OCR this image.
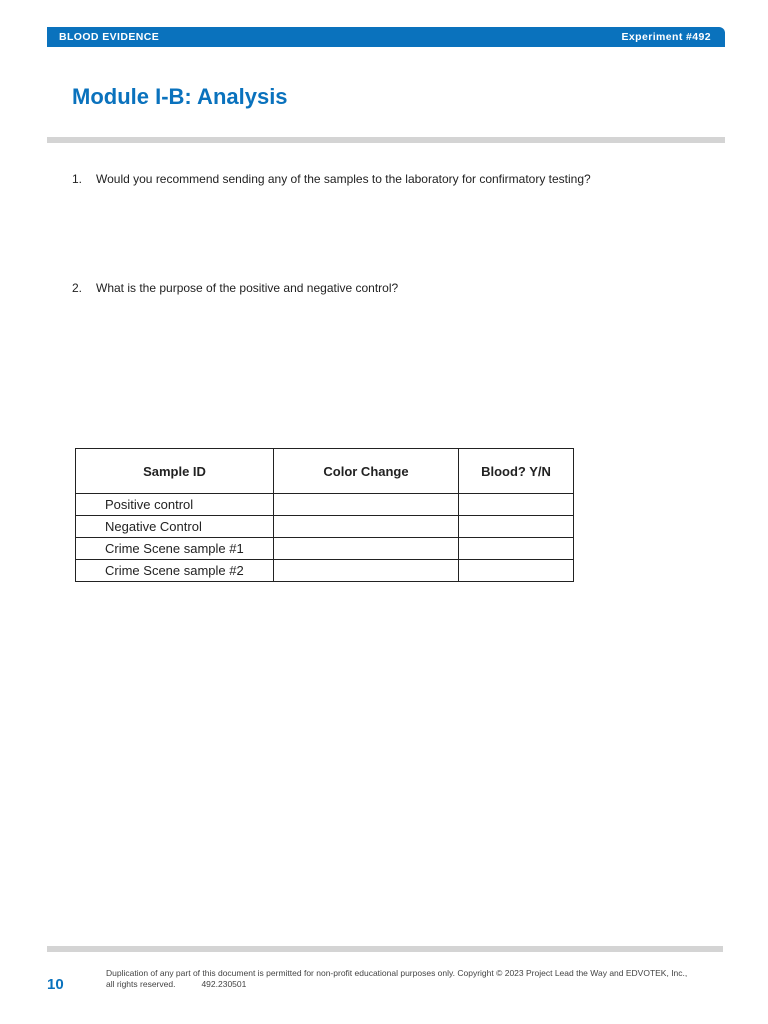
BLOOD EVIDENCE	Experiment #492
Module I-B: Analysis
1. Would you recommend sending any of the samples to the laboratory for confirmatory testing?
2. What is the purpose of the positive and negative control?
Sample ID	Color Change	Blood? Y/N
Positive control		
Negative Control		
Crime Scene sample #1		
Crime Scene sample #2		
10
Duplication of any part of this document is permitted for non-profit educational purposes only. Copyright © 2023 Project Lead the Way and EDVOTEK, Inc.,
all rights reserved.	492.230501
